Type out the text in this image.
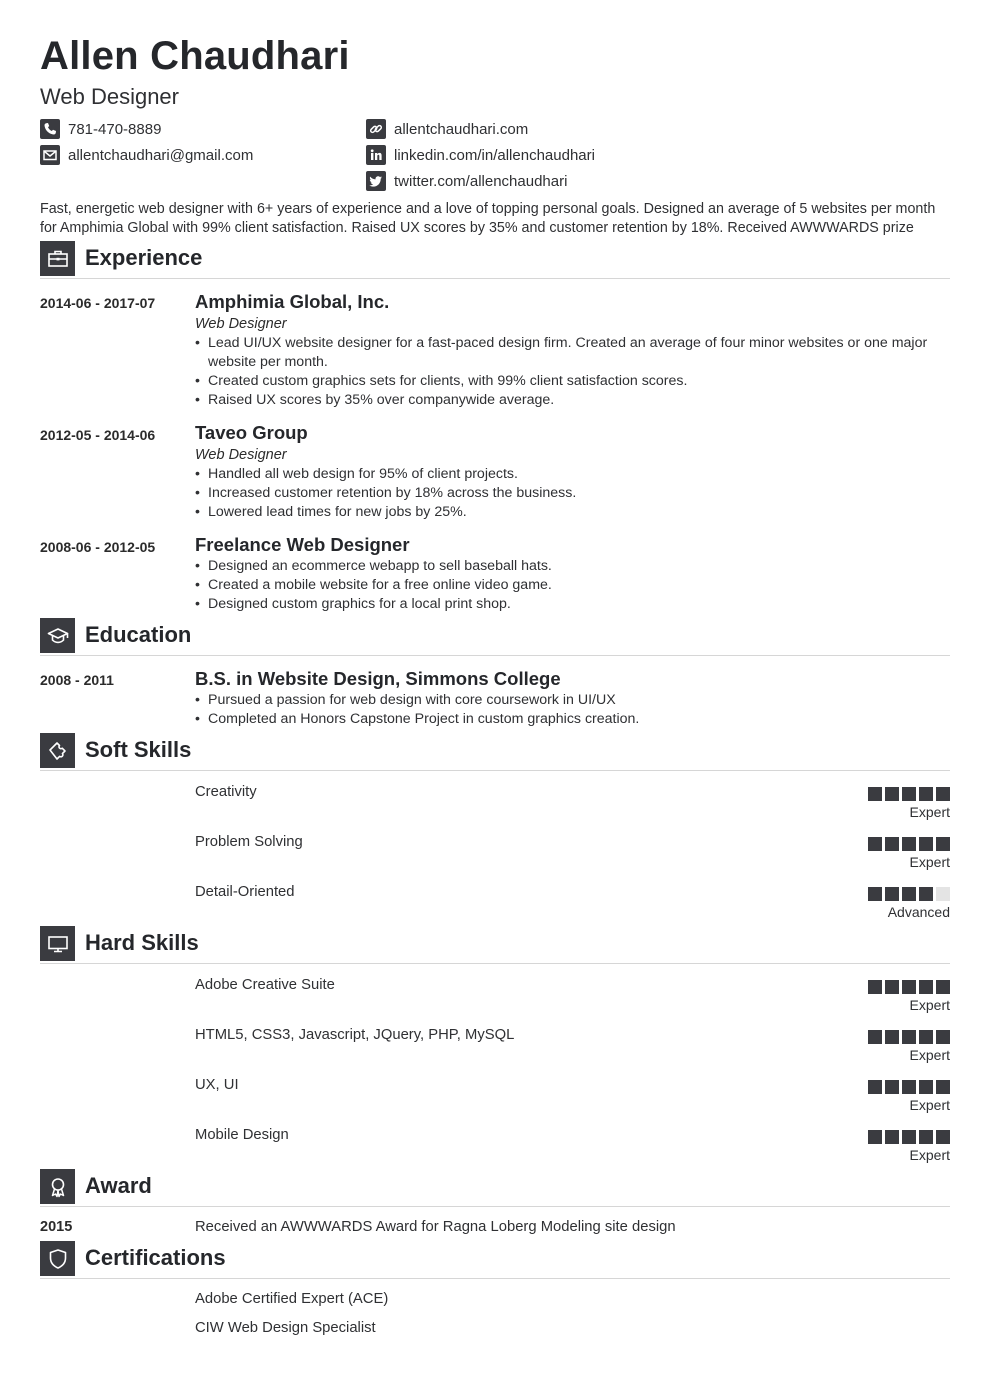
Allen Chaudhari
Web Designer
781-470-8889
allentchaudhari@gmail.com
allentchaudhari.com
linkedin.com/in/allenchaudhari
twitter.com/allenchaudhari
Fast, energetic web designer with 6+ years of experience and a love of topping personal goals. Designed an average of 5 websites per month for Amphimia Global with 99% client satisfaction. Raised UX scores by 35% and customer retention by 18%. Received AWWWARDS prize
Experience
2014-06 - 2017-07 Amphimia Global, Inc.
Web Designer
• Lead UI/UX website designer for a fast-paced design firm. Created an average of four minor websites or one major website per month.
• Created custom graphics sets for clients, with 99% client satisfaction scores.
• Raised UX scores by 35% over companywide average.
2012-05 - 2014-06 Taveo Group
Web Designer
• Handled all web design for 95% of client projects.
• Increased customer retention by 18% across the business.
• Lowered lead times for new jobs by 25%.
2008-06 - 2012-05 Freelance Web Designer
• Designed an ecommerce webapp to sell baseball hats.
• Created a mobile website for a free online video game.
• Designed custom graphics for a local print shop.
Education
2008 - 2011	B.S. in Website Design, Simmons College
• Pursued a passion for web design with core coursework in UI/UX
• Completed an Honors Capstone Project in custom graphics creation.
Soft Skills
Creativity
Expert
Problem Solving
Expert
Detail-Oriented
Advanced
Hard Skills
Adobe Creative Suite
Expert
HTML5, CSS3, Javascript, JQuery, PHP, MySQL
Expert
UX, UI
Expert
Mobile Design
Expert
Award
2015	Received an AWWWARDS Award for Ragna Loberg Modeling site design
Certifications
Adobe Certified Expert (ACE)
CIW Web Design Specialist
